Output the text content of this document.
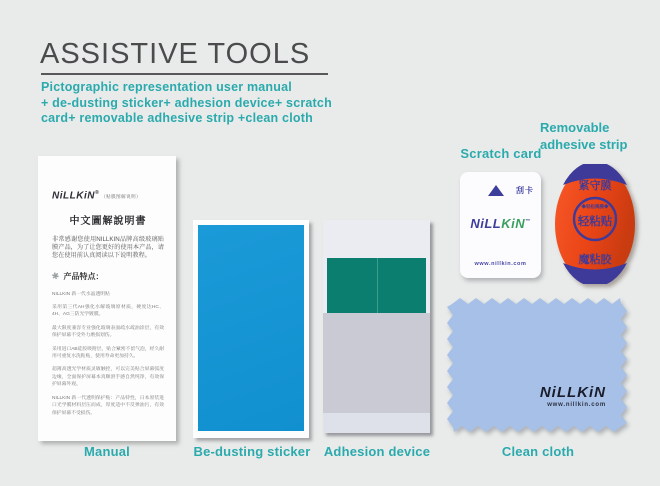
ASSISTIVE TOOLS
Pictographic representation user manual
+ de-dusting sticker+ adhesion device+ scratch
card+ removable adhesive strip +clean cloth
NiLLKiN®（贴膜图解说明）
中文圖解說明書
非常感谢您使用NILLKIN品牌高级玻璃贴膜产品，为了让您更好的使用本产品，请您在使用前认真阅读以下说明教程。
✱ 产品特点：
NILLKIN 新一代水晶透明贴
采用第三代AH强化水解玻璃原材质，硬度达HC、4H、AG三防光学镀膜。
最大限度兼容专业强化玻璃表面疏水疏油涂层，有效保护屏幕不受外力磨损划伤。
采用进口AB硅胶吸附层，贴合紧密不留气泡，经久耐用可重复水洗粘贴，使用寿命更加持久。
超薄高透光学材质灵敏触控，可以完美贴合屏幕弧度边缘，全面保护屏幕本真顺滑手感自然纯净，有效保护屏幕外观。
NILLKIN 新一代透明保护贴：产品特性，日本原装进口光学膜材料层压而成，厚度适中不反弹油污，有效保护屏幕不受损伤。
Manual	Be-dusting sticker	Adhesion device
Scratch card
刮卡
NiLLKiN™
www.nillkin.com
Removable
adhesive strip
紧守膜
◆轻松揭膜◆
轻粘贴
魔粘胶
NiLLKiN
www.nillkin.com
Clean cloth
